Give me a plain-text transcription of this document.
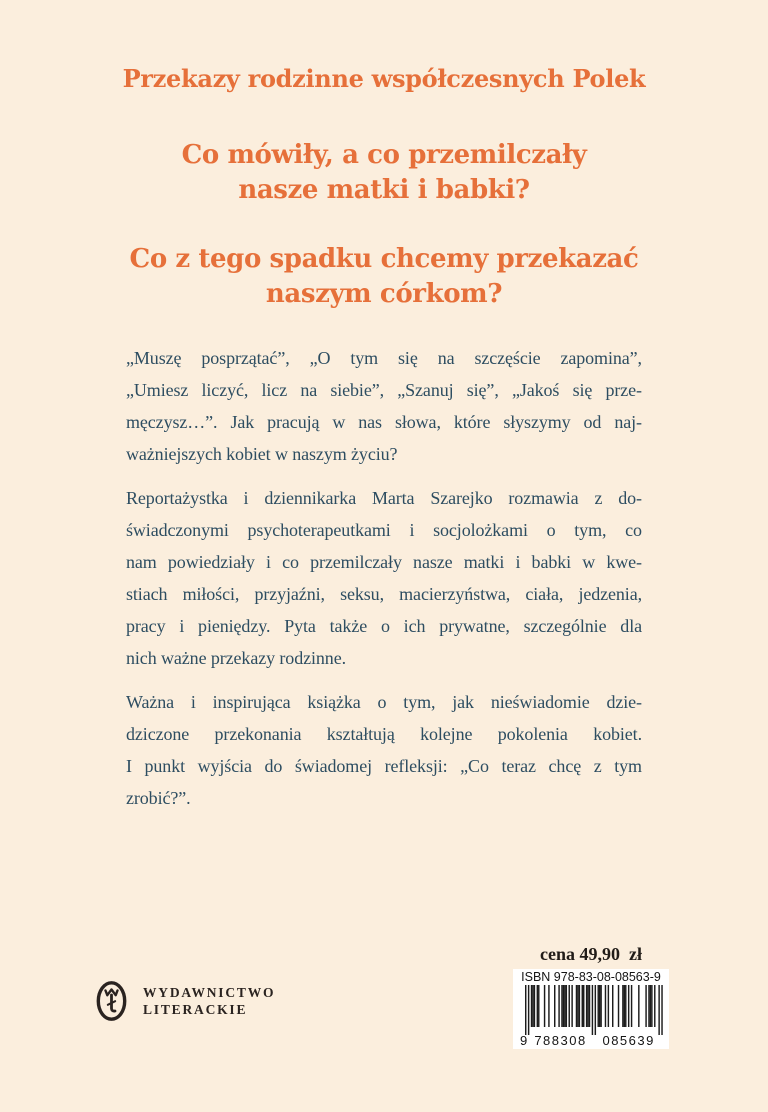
Przekazy rodzinne współczesnych Polek
Co mówiły, a co przemilczały
nasze matki i babki?
Co z tego spadku chcemy przekazać
naszym córkom?
„Muszę posprzątać”, „O tym się na szczęście zapomina”,
„Umiesz liczyć, licz na siebie”, „Szanuj się”, „Jakoś się prze-
męczysz…”. Jak pracują w nas słowa, które słyszymy od naj-
ważniejszych kobiet w naszym życiu?
Reportażystka i dziennikarka Marta Szarejko rozmawia z do-
świadczonymi psychoterapeutkami i socjolożkami o tym, co
nam powiedziały i co przemilczały nasze matki i babki w kwe-
stiach miłości, przyjaźni, seksu, macierzyństwa, ciała, jedzenia,
pracy i pieniędzy. Pyta także o ich prywatne, szczególnie dla
nich ważne przekazy rodzinne.
Ważna i inspirująca książka o tym, jak nieświadomie dzie-
dziczone przekonania kształtują kolejne pokolenia kobiet.
I punkt wyjścia do świadomej refleksji: „Co teraz chcę z tym
zrobić?”.
WYDAWNICTWO
LITERACKIE
cena 49,90  zł
ISBN 978-83-08-08563-9
9 788308 085639
